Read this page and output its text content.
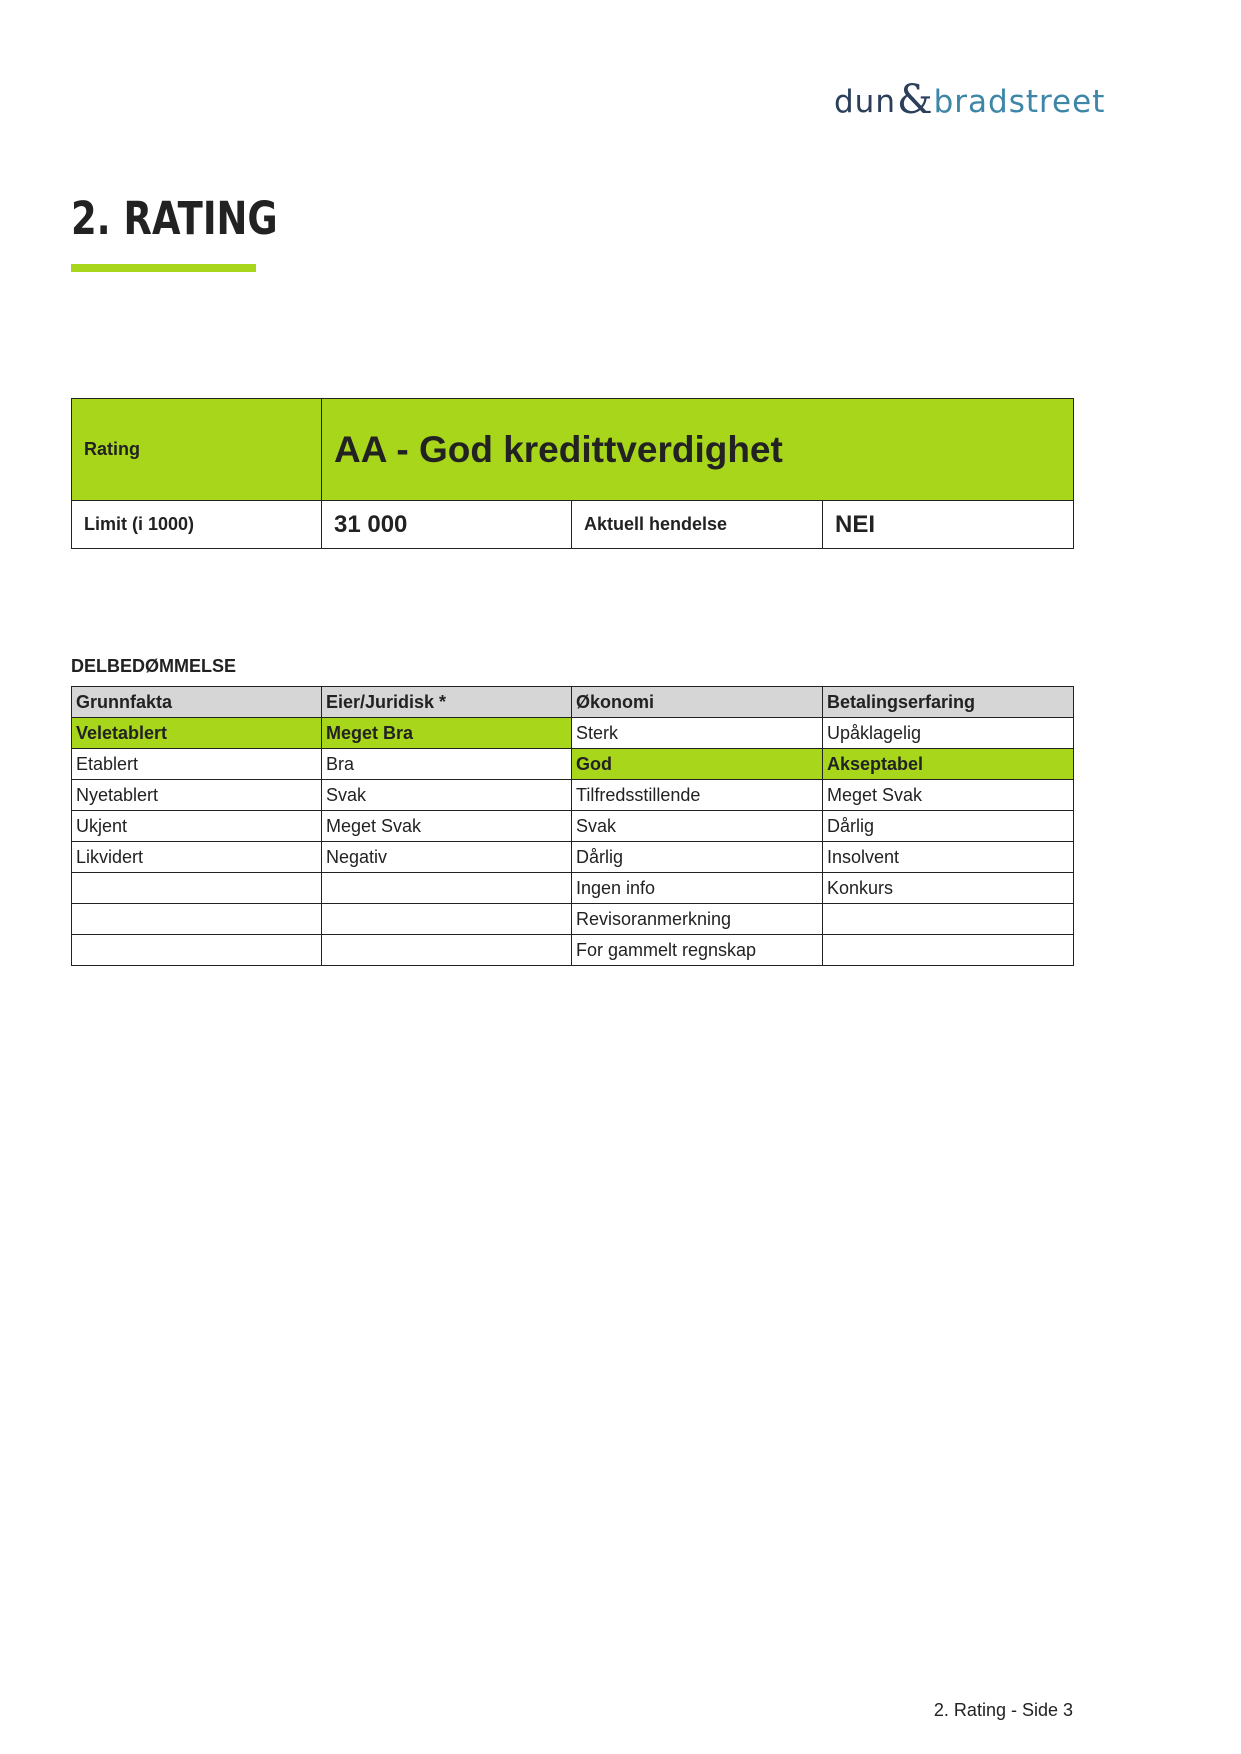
dun & bradstreet
2. RATING
Rating	AA - God kredittverdighet		
Limit (i 1000)	31 000	Aktuell hendelse	NEI
DELBEDØMMELSE
Grunnfakta	Eier/Juridisk *	Økonomi	Betalingserfaring
Veletablert	Meget Bra	Sterk	Upåklagelig
Etablert	Bra	God	Akseptabel
Nyetablert	Svak	Tilfredsstillende	Meget Svak
Ukjent	Meget Svak	Svak	Dårlig
Likvidert	Negativ	Dårlig	Insolvent
		Ingen info	Konkurs
		Revisoranmerkning	
		For gammelt regnskap	
2. Rating - Side 3
